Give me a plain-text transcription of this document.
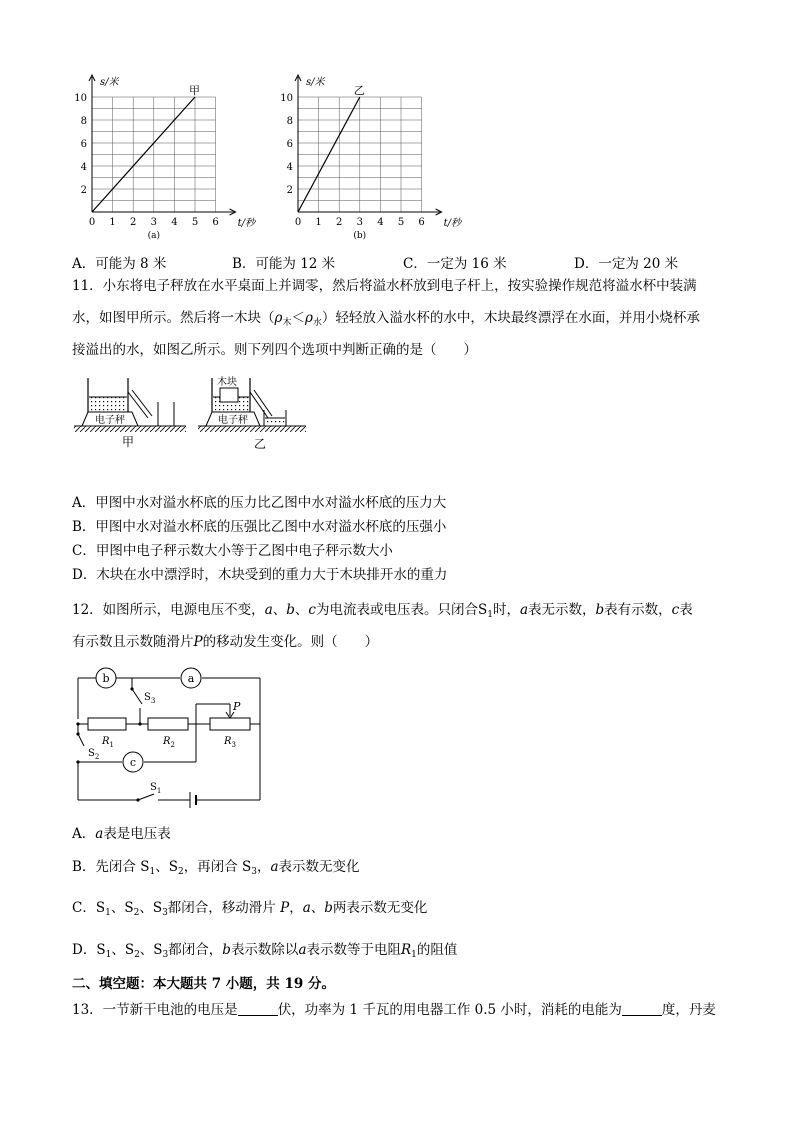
0 1 2 3 4 5 6
2
4
6
8
10
s/米
t/秒
甲
(a)
0 1 2 3 4 5 6
2
4
6
8
10
s/米
t/秒
乙
(b)
A．可能为 8 米	B．可能为 12 米	C．一定为 16 米	D．一定为 20 米
11．小东将电子秤放在水平桌面上并调零，然后将溢水杯放到电子杆上，按实验操作规范将溢水杯中装满
水，如图甲所示。然后将一木块$(\rho_木<\rho_水)$轻轻放入溢水杯的水中，木块最终漂浮在水面，并用小烧杯承
接溢出的水，如图乙所示。则下列四个选项中判断正确的是（　　）
电子秤
甲
电子秤
木块
乙
A．甲图中水对溢水杯底的压力比乙图中水对溢水杯底的压力大
B．甲图中水对溢水杯底的压强比乙图中水对溢水杯底的压强小
C．甲图中电子秤示数大小等于乙图中电子秤示数大小
D．木块在水中漂浮时，木块受到的重力大于木块排开水的重力
12．如图所示，电源电压不变，a、b、c为电流表或电压表。只闭合$S_1$时，a表无示数，b表有示数，c表
有示数且示数随滑片P的移动发生变化。则（　　）
b	a
c
P
$S_3$
$S_2$
$S_1$
$R_1$	$R_2$	$R_3$
A．a表是电压表
B．先闭合 $S_1$、$S_2$，再闭合 $S_3$，a表示数无变化
C．$S_1$、$S_2$、$S_3$都闭合，移动滑片 P，a、b两表示数无变化
D．$S_1$、$S_2$、$S_3$都闭合，b表示数除以a表示数等于电阻$R_1$的阻值
二、填空题：本大题共 7 小题，共 19 分。
13．一节新干电池的电压是	伏，功率为 1 千瓦的用电器工作 0.5 小时，消耗的电能为	度，丹麦
